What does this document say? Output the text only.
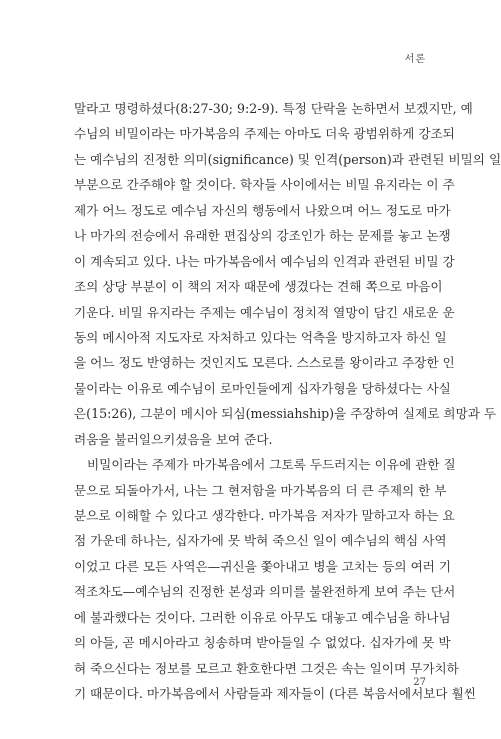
서론
말라고 명령하셨다(8:27-30; 9:2-9). 특정 단락을 논하면서 보겠지만, 예
수님의 비밀이라는 마가복음의 주제는 아마도 더욱 광범위하게 강조되
는 예수님의 진정한 의미(significance) 및 인격(person)과 관련된 비밀의 일
부분으로 간주해야 할 것이다. 학자들 사이에서는 비밀 유지라는 이 주
제가 어느 정도로 예수님 자신의 행동에서 나왔으며 어느 정도로 마가
나 마가의 전승에서 유래한 편집상의 강조인가 하는 문제를 놓고 논쟁
이 계속되고 있다. 나는 마가복음에서 예수님의 인격과 관련된 비밀 강
조의 상당 부분이 이 책의 저자 때문에 생겼다는 견해 쪽으로 마음이
기운다. 비밀 유지라는 주제는 예수님이 정치적 열망이 담긴 새로운 운
동의 메시아적 지도자로 자처하고 있다는 억측을 방지하고자 하신 일
을 어느 정도 반영하는 것인지도 모른다. 스스로를 왕이라고 주장한 인
물이라는 이유로 예수님이 로마인들에게 십자가형을 당하셨다는 사실
은(15:26), 그분이 메시아 되심(messiahship)을 주장하여 실제로 희망과 두
려움을 불러일으키셨음을 보여 준다.
비밀이라는 주제가 마가복음에서 그토록 두드러지는 이유에 관한 질
문으로 되돌아가서, 나는 그 현저함을 마가복음의 더 큰 주제의 한 부
분으로 이해할 수 있다고 생각한다. 마가복음 저자가 말하고자 하는 요
점 가운데 하나는, 십자가에 못 박혀 죽으신 일이 예수님의 핵심 사역
이었고 다른 모든 사역은—귀신을 쫓아내고 병을 고치는 등의 여러 기
적조차도—예수님의 진정한 본성과 의미를 불완전하게 보여 주는 단서
에 불과했다는 것이다. 그러한 이유로 아무도 대놓고 예수님을 하나님
의 아들, 곧 메시아라고 칭송하며 받아들일 수 없었다. 십자가에 못 박
혀 죽으신다는 정보를 모르고 환호한다면 그것은 속는 일이며 무가치하
기 때문이다. 마가복음에서 사람들과 제자들이 (다른 복음서에서보다 훨씬
27
